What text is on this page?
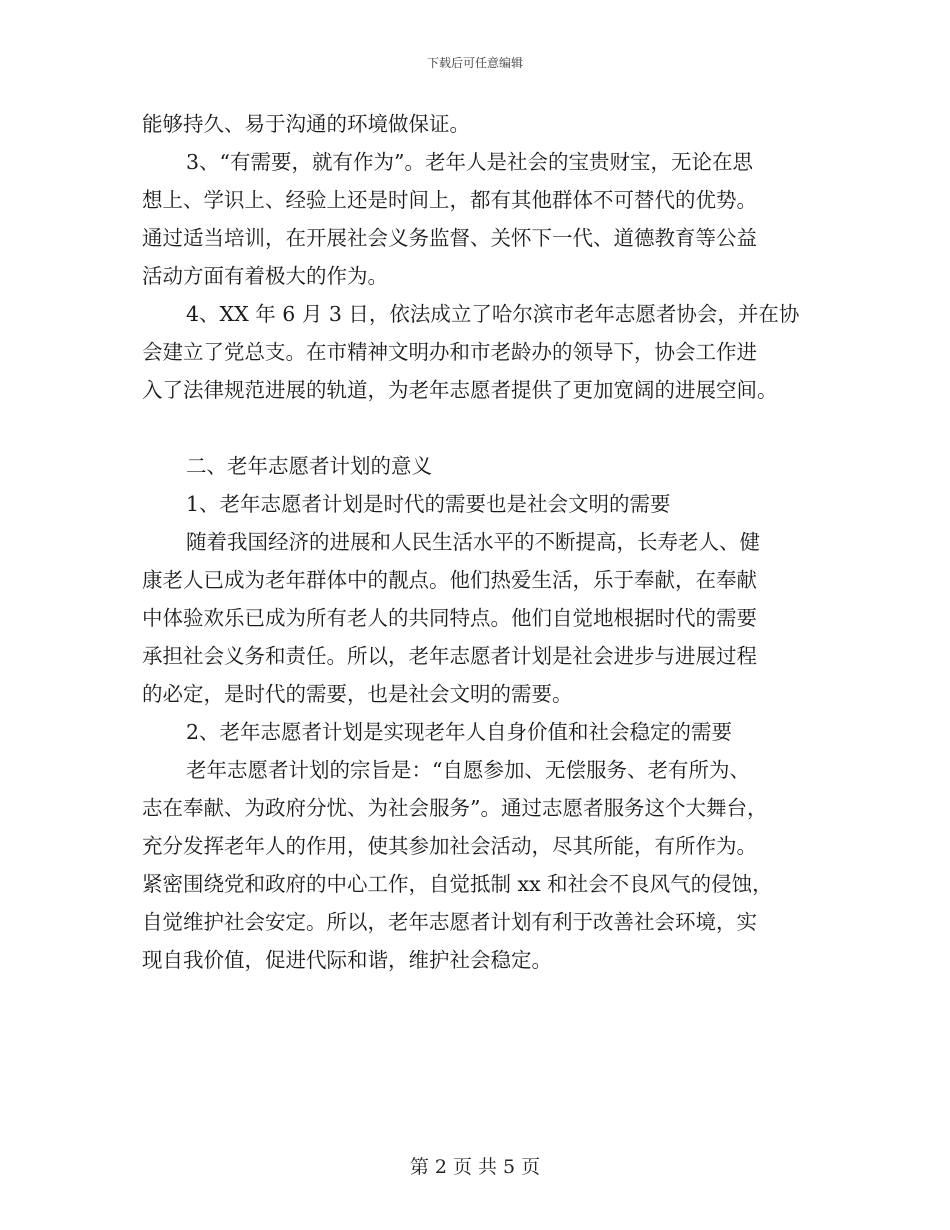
下载后可任意编辑

能够持久、易于沟通的环境做保证。

3、“有需要，就有作为”。老年人是社会的宝贵财宝，无论在思

想上、学识上、经验上还是时间上，都有其他群体不可替代的优势。

通过适当培训，在开展社会义务监督、关怀下一代、道德教育等公益

活动方面有着极大的作为。

4、XX 年 6 月 3 日，依法成立了哈尔滨市老年志愿者协会，并在协

会建立了党总支。在市精神文明办和市老龄办的领导下，协会工作进

入了法律规范进展的轨道，为老年志愿者提供了更加宽阔的进展空间。

二、老年志愿者计划的意义

1、老年志愿者计划是时代的需要也是社会文明的需要

随着我国经济的进展和人民生活水平的不断提高，长寿老人、健

康老人已成为老年群体中的靓点。他们热爱生活，乐于奉献，在奉献

中体验欢乐已成为所有老人的共同特点。他们自觉地根据时代的需要

承担社会义务和责任。所以，老年志愿者计划是社会进步与进展过程

的必定，是时代的需要，也是社会文明的需要。

2、老年志愿者计划是实现老年人自身价值和社会稳定的需要

老年志愿者计划的宗旨是：“自愿参加、无偿服务、老有所为、

志在奉献、为政府分忧、为社会服务”。通过志愿者服务这个大舞台，

充分发挥老年人的作用，使其参加社会活动，尽其所能，有所作为。

紧密围绕党和政府的中心工作，自觉抵制 xx 和社会不良风气的侵蚀，

自觉维护社会安定。所以，老年志愿者计划有利于改善社会环境，实

现自我价值，促进代际和谐，维护社会稳定。

第 2 页 共 5 页
